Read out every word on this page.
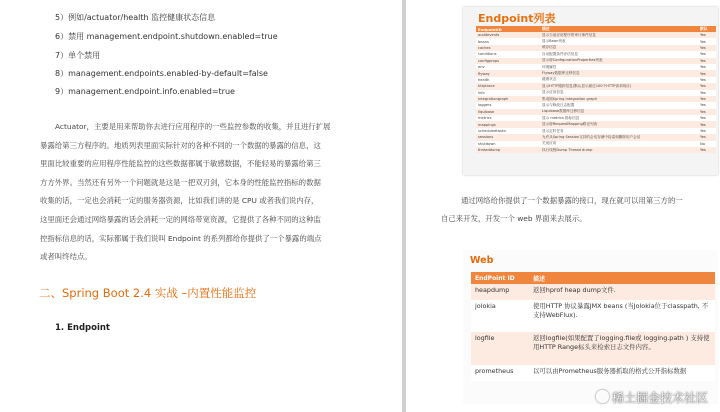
5）例如/actuator/health 监控健康状态信息
6）禁用 management.endpoint.shutdown.enabled=true
7）单个禁用
8）management.endpoints.enabled-by-default=false
9）management.endpoint.info.enabled=true
Actuator，主要是用来帮助你去进行应用程序的一些监控参数的收集，并且进行扩展
暴露给第三方程序的。地质列表里面实际针对的各种不同的一个数据的暴露的信息，这
里面比较重要的应用程序性能监控的这些数据都属于敏感数据，不能轻易的暴露给第三
方方外界。当然还有另外一个问题就是这是一把双刃剑，它本身的性能监控指标的数据
收集的话，一定也会消耗一定的服务器资源，比如我们讲的是 CPU 或者我们说内存，
这里面还会通过网络暴露的话会消耗一定的网络带宽资源，它提供了各种不同的这种监
控指标信息的话，实际都属于我们说叫 Endpoint 的系列都给你提供了一个暴露的端点
或者叫终结点。
二、Spring Boot 2.4 实战 –内置性能监控
1. Endpoint
Endpoint列表
EndpointID	描述	默认
auditevents	显示当前应用程序的审计事件信息	Yes
beans	显示Bean列表	Yes
caches	缓存信息	Yes
conditions	自动配置条件评估信息	Yes
configprops	显示@ConfigurationProperties列表	Yes
env	环境属性	Yes
flyway	Flyway数据库迁移信息	Yes
health	健康状态	Yes
httptrace	显示HTTP跟踪信息(默认显示最近100个HTTP请求响应)	Yes
info	显示应用信息	Yes
integrationgraph	集成图Spring Integration graph	Yes
loggers	显示与修改日志配置	Yes
liquibase	Liquibase数据库迁移信息	Yes
metrics	显示 metrics 指标信息	Yes
mappings	显示@RequestMapping路径列表	Yes
scheduledtasks	显示定时任务	Yes
sessions	允许从Spring Session支持的会话存储中检索和删除用户会话	Yes
shutdown	关闭应用	No
threaddump	执行线程Dump Thread dump	Yes
通过网络给你提供了一个数据暴露的接口，现在就可以用第三方的一
自己来开发，开发一个 web 界面来去展示。
Web
EndPoint ID	描述
heapdump	返回hprof heap dump文件.
jolokia	使用HTTP 协议暴露JMX beans (当Jolokia位于classpath, 不支持WebFlux).
logfile	返回logfile(如果配置了logging.file或 logging.path ) 支持使用HTTP Range标头来检索日志文件内容。
prometheus	以可以由Prometheus服务器抓取的格式公开指标数据
稀土掘金技术社区
